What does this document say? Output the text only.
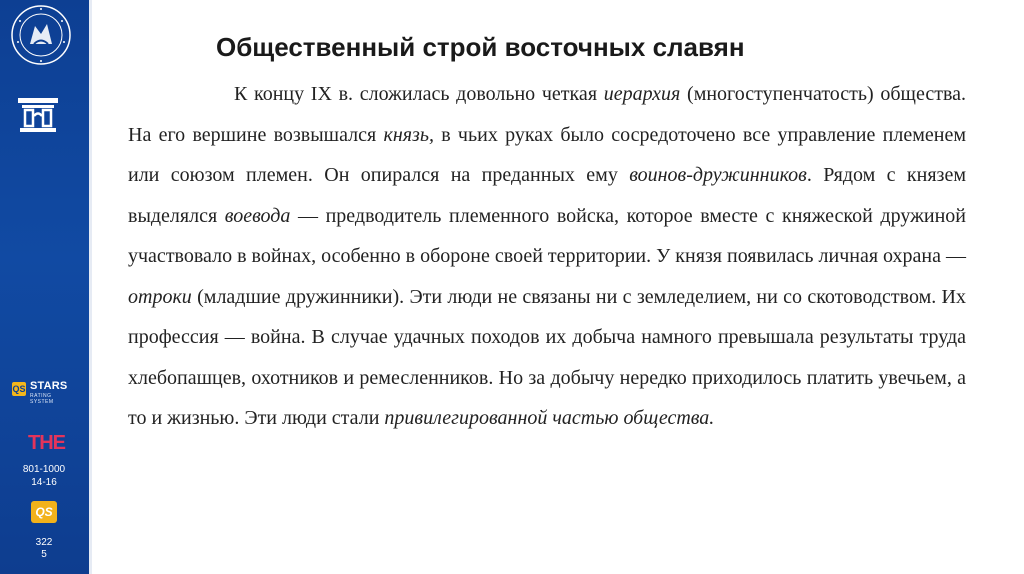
QS STARS
RATING SYSTEM
THE
801-1000
14-16
QS
322
5
Общественный строй восточных славян
К концу IX в. сложилась довольно четкая иерархия (многоступенчатость) общества. На его вершине возвышался князь, в чьих руках было сосредоточено все управление племенем или союзом племен. Он опирался на преданных ему воинов-дружинников. Рядом с князем выделялся воевода — предводитель племенного войска, которое вместе с княжеской дружиной участвовало в войнах, особенно в обороне своей территории. У князя появилась личная охрана — отроки (младшие дружинники). Эти люди не связаны ни с земледелием, ни со скотоводством. Их профессия — война. В случае удачных походов их добыча намного превышала результаты труда хлебопашцев, охотников и ремесленников. Но за добычу нередко приходилось платить увечьем, а то и жизнью. Эти люди стали привилегированной частью общества.
